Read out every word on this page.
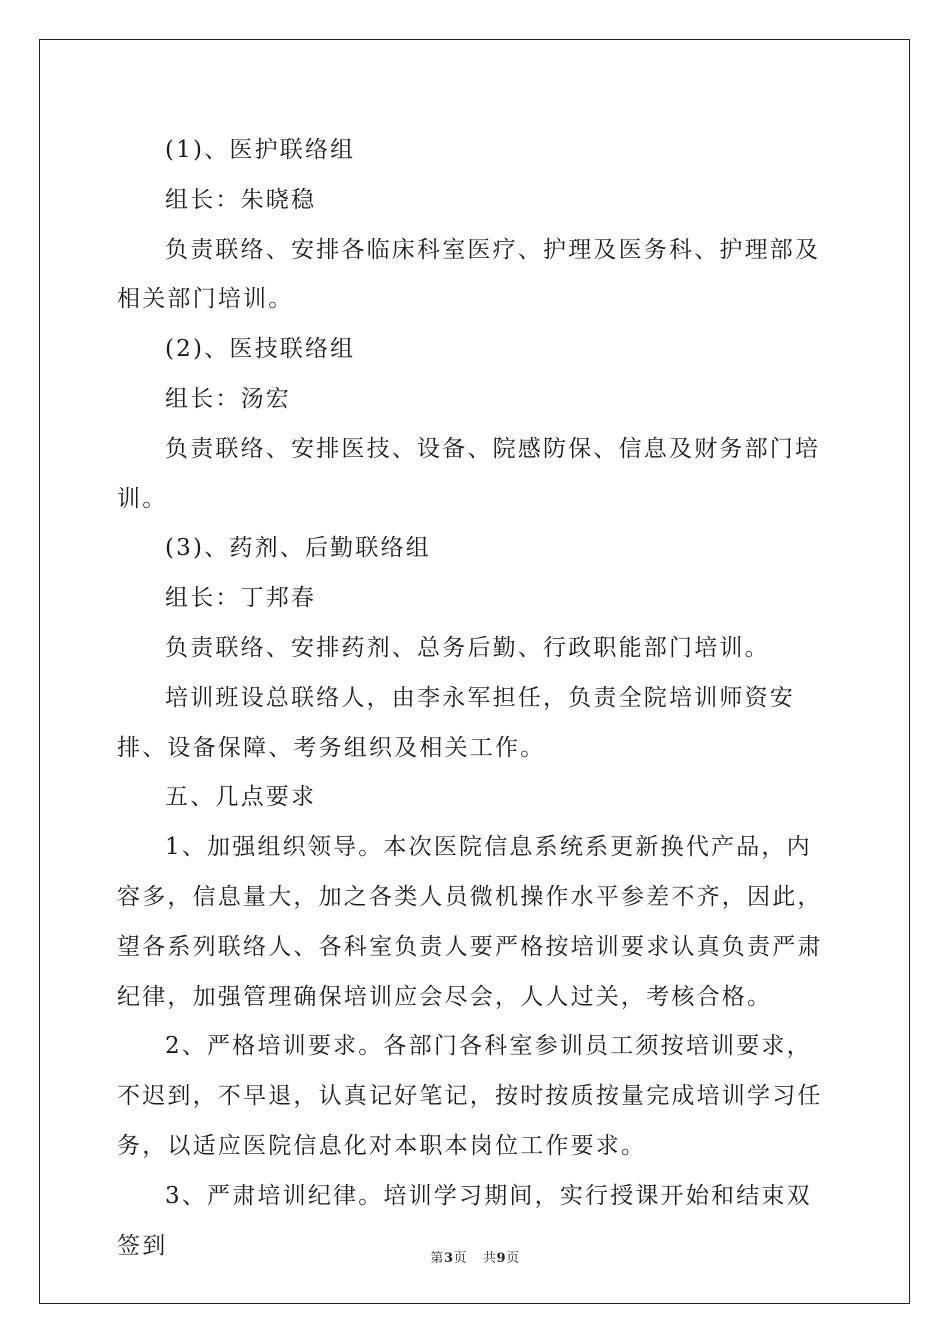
(1)、医护联络组

组长：朱晓稳

负责联络、安排各临床科室医疗、护理及医务科、护理部及相关部门培训。

(2)、医技联络组

组长：汤宏

负责联络、安排医技、设备、院感防保、信息及财务部门培训。

(3)、药剂、后勤联络组

组长：丁邦春

负责联络、安排药剂、总务后勤、行政职能部门培训。

培训班设总联络人，由李永军担任，负责全院培训师资安排、设备保障、考务组织及相关工作。

五、几点要求

1、加强组织领导。本次医院信息系统系更新换代产品，内容多，信息量大，加之各类人员微机操作水平参差不齐，因此，望各系列联络人、各科室负责人要严格按培训要求认真负责严肃纪律，加强管理确保培训应会尽会，人人过关，考核合格。

2、严格培训要求。各部门各科室参训员工须按培训要求，不迟到，不早退，认真记好笔记，按时按质按量完成培训学习任务，以适应医院信息化对本职本岗位工作要求。

3、严肃培训纪律。培训学习期间，实行授课开始和结束双签到	第3页 共9页
